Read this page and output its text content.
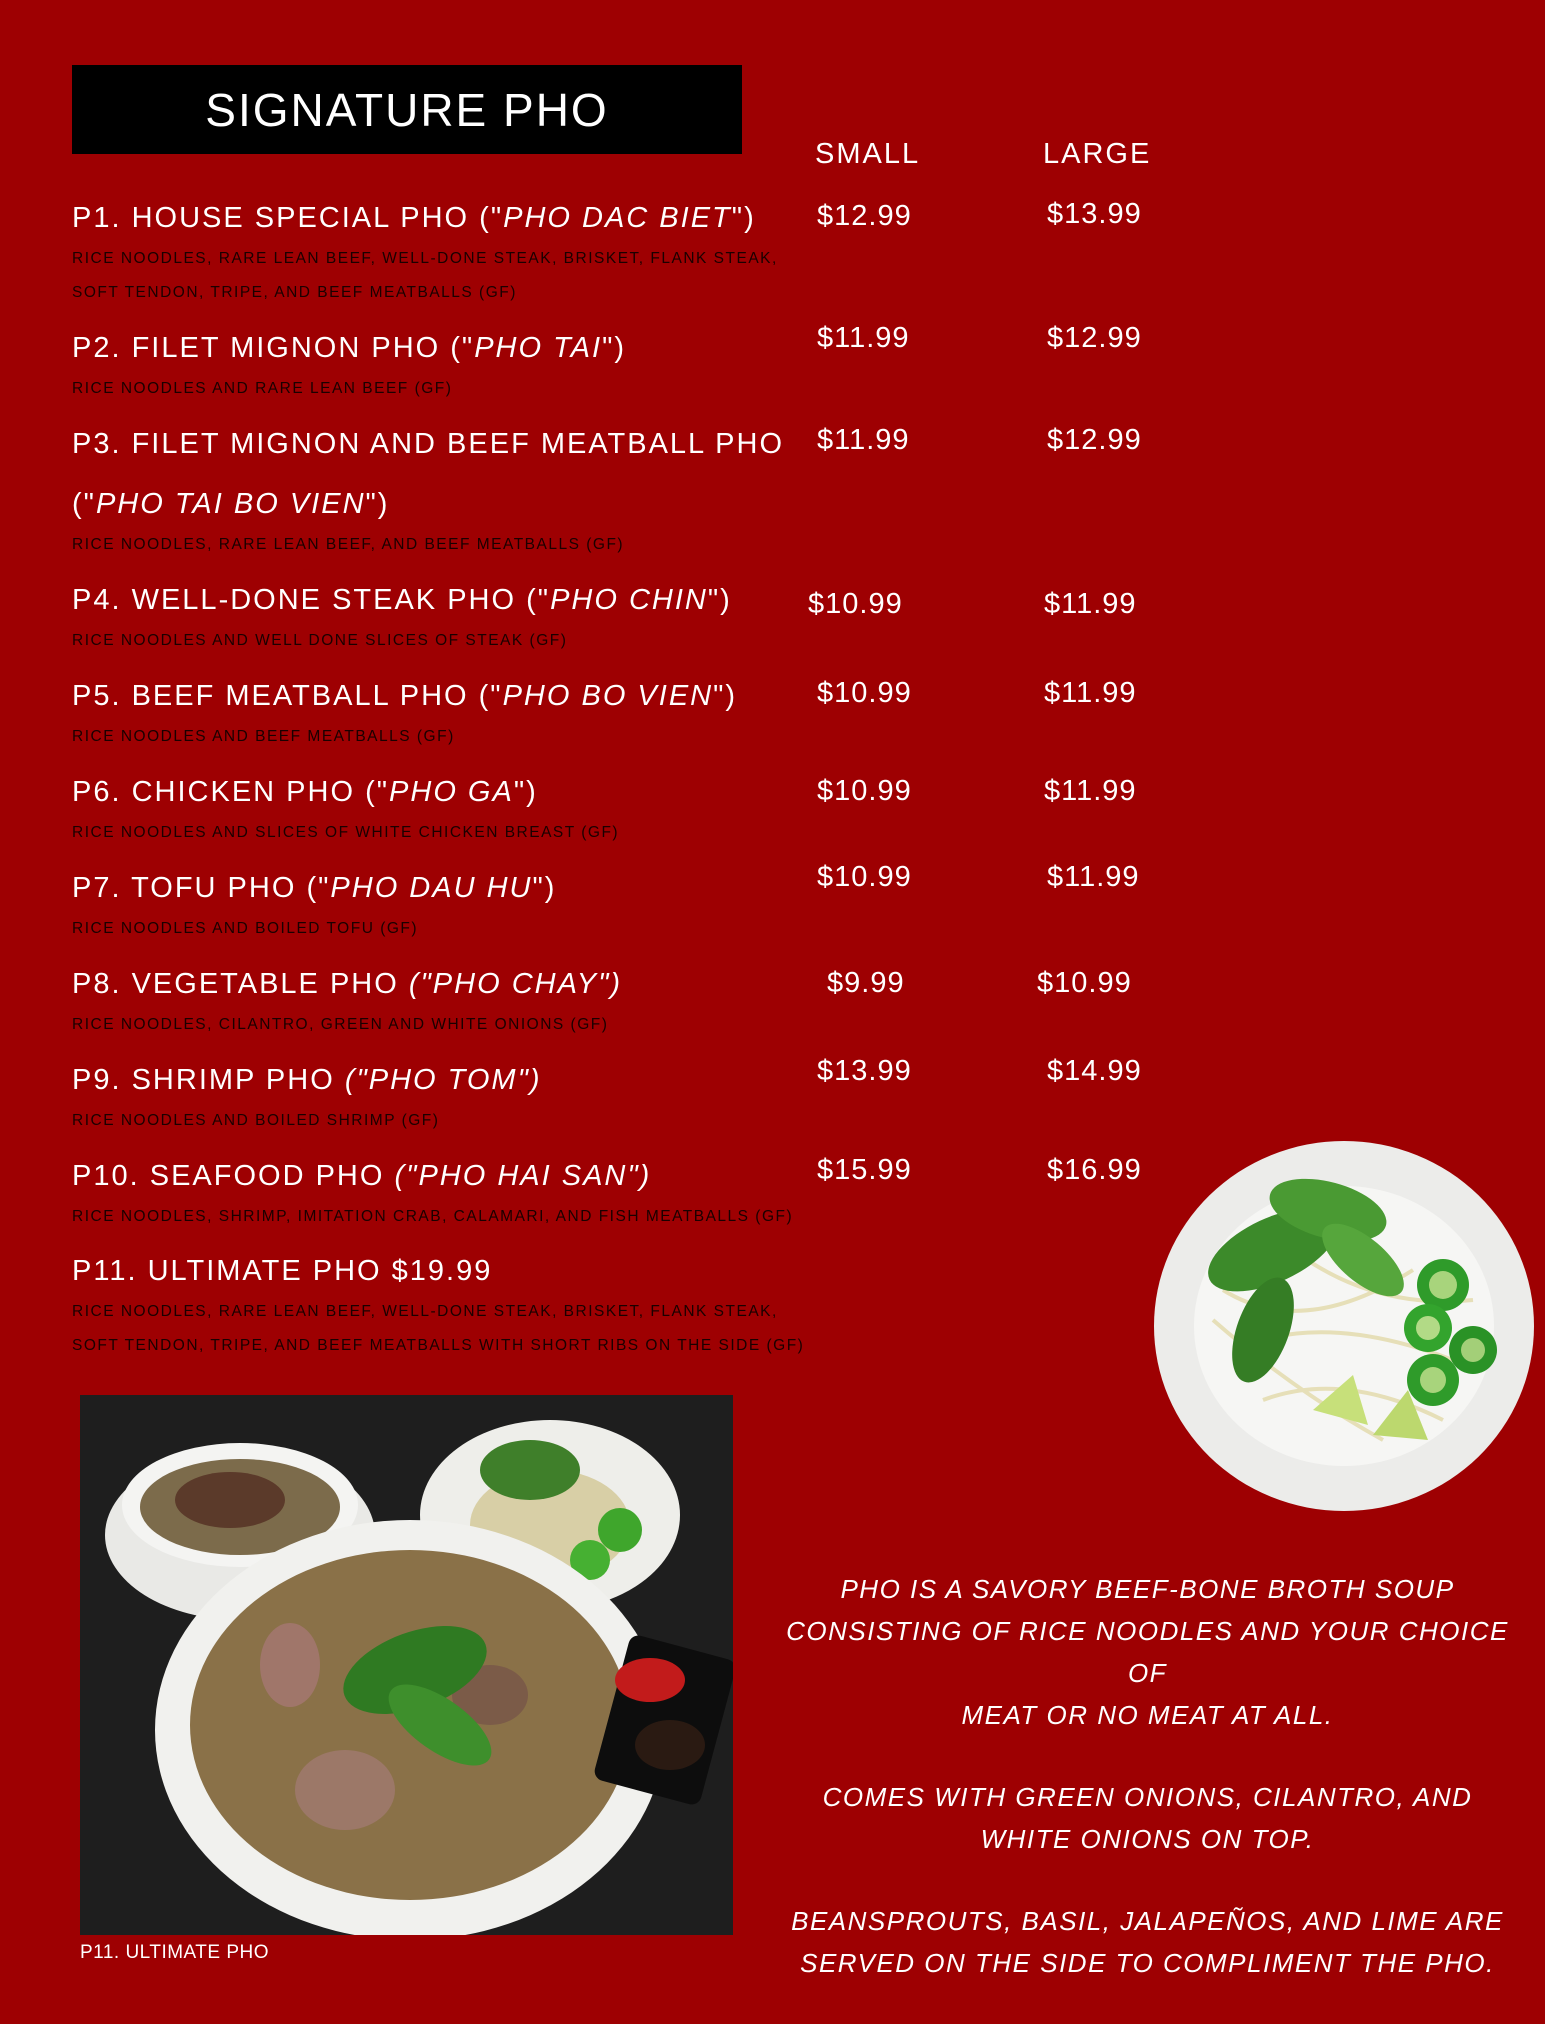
SIGNATURE PHO
SMALL	LARGE
P1. HOUSE SPECIAL PHO ("PHO DAC BIET")
RICE NOODLES, RARE LEAN BEEF, WELL-DONE STEAK, BRISKET, FLANK STEAK,
SOFT TENDON, TRIPE, AND BEEF MEATBALLS (GF)
$12.99	$13.99
P2. FILET MIGNON PHO ("PHO TAI")
RICE NOODLES AND RARE LEAN BEEF (GF)
$11.99	$12.99
P3. FILET MIGNON AND BEEF MEATBALL PHO
("PHO TAI BO VIEN")
RICE NOODLES, RARE LEAN BEEF, AND BEEF MEATBALLS (GF)
$11.99	$12.99
P4. WELL-DONE STEAK PHO ("PHO CHIN")
RICE NOODLES AND WELL DONE SLICES OF STEAK (GF)
$10.99	$11.99
P5. BEEF MEATBALL PHO ("PHO BO VIEN")
RICE NOODLES AND BEEF MEATBALLS (GF)
$10.99	$11.99
P6. CHICKEN PHO ("PHO GA")
RICE NOODLES AND SLICES OF WHITE CHICKEN BREAST (GF)
$10.99	$11.99
P7. TOFU PHO ("PHO DAU HU")
RICE NOODLES AND BOILED TOFU (GF)
$10.99	$11.99
P8. VEGETABLE PHO ("PHO CHAY")
RICE NOODLES, CILANTRO, GREEN AND WHITE ONIONS (GF)
$9.99	$10.99
P9. SHRIMP PHO ("PHO TOM")
RICE NOODLES AND BOILED SHRIMP (GF)
$13.99	$14.99
P10. SEAFOOD PHO ("PHO HAI SAN")
RICE NOODLES, SHRIMP, IMITATION CRAB, CALAMARI, AND FISH MEATBALLS (GF)
$15.99	$16.99
P11. ULTIMATE PHO $19.99
RICE NOODLES, RARE LEAN BEEF, WELL-DONE STEAK, BRISKET, FLANK STEAK,
SOFT TENDON, TRIPE, AND BEEF MEATBALLS WITH SHORT RIBS ON THE SIDE (GF)
P11. ULTIMATE PHO

PHO IS A SAVORY BEEF-BONE BROTH SOUP
CONSISTING OF RICE NOODLES AND YOUR CHOICE OF
MEAT OR NO MEAT AT ALL.

COMES WITH GREEN ONIONS, CILANTRO, AND
WHITE ONIONS ON TOP.

BEANSPROUTS, BASIL, JALAPEÑOS, AND LIME ARE
SERVED ON THE SIDE TO COMPLIMENT THE PHO.
